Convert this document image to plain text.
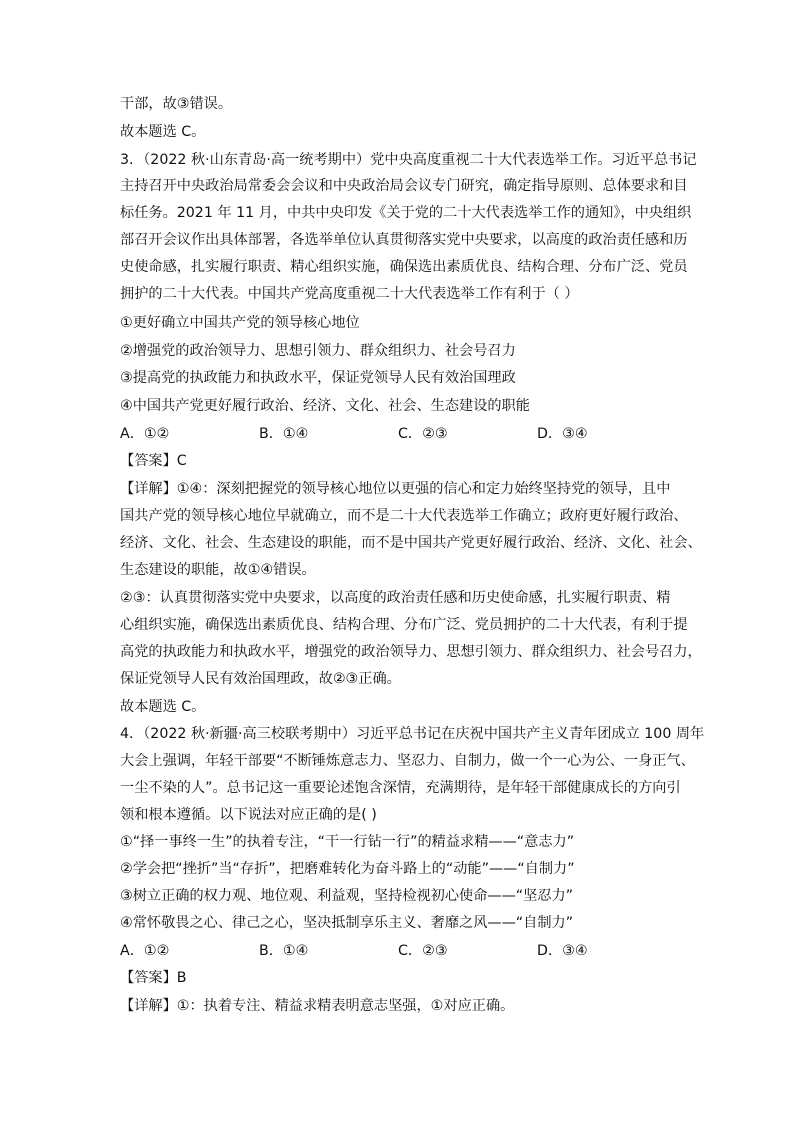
干部，故③错误。
故本题选 C。
3．（2022 秋·山东青岛·高一统考期中）党中央高度重视二十大代表选举工作。习近平总书记
主持召开中央政治局常委会会议和中央政治局会议专门研究，确定指导原则、总体要求和目
标任务。2021 年 11 月，中共中央印发《关于党的二十大代表选举工作的通知》，中央组织
部召开会议作出具体部署，各选举单位认真贯彻落实党中央要求，以高度的政治责任感和历
史使命感，扎实履行职责、精心组织实施，确保选出素质优良、结构合理、分布广泛、党员
拥护的二十大代表。中国共产党高度重视二十大代表选举工作有利于（ ）
①更好确立中国共产党的领导核心地位
②增强党的政治领导力、思想引领力、群众组织力、社会号召力
③提高党的执政能力和执政水平，保证党领导人民有效治国理政
④中国共产党更好履行政治、经济、文化、社会、生态建设的职能
A．①②	B．①④	C．②③	D．③④
【答案】C
【详解】①④：深刻把握党的领导核心地位以更强的信心和定力始终坚持党的领导，且中
国共产党的领导核心地位早就确立，而不是二十大代表选举工作确立；政府更好履行政治、
经济、文化、社会、生态建设的职能，而不是中国共产党更好履行政治、经济、文化、社会、
生态建设的职能，故①④错误。
②③：认真贯彻落实党中央要求，以高度的政治责任感和历史使命感，扎实履行职责、精
心组织实施，确保选出素质优良、结构合理、分布广泛、党员拥护的二十大代表，有利于提
高党的执政能力和执政水平，增强党的政治领导力、思想引领力、群众组织力、社会号召力，
保证党领导人民有效治国理政，故②③正确。
故本题选 C。
4．（2022 秋·新疆·高三校联考期中）习近平总书记在庆祝中国共产主义青年团成立 100 周年
大会上强调，年轻干部要“不断锤炼意志力、坚忍力、自制力，做一个一心为公、一身正气、
一尘不染的人”。总书记这一重要论述饱含深情，充满期待，是年轻干部健康成长的方向引
领和根本遵循。以下说法对应正确的是( )
①“择一事终一生”的执着专注，“干一行钻一行”的精益求精——“意志力”
②学会把“挫折”当“存折”，把磨难转化为奋斗路上的“动能”——“自制力”
③树立正确的权力观、地位观、利益观，坚持检视初心使命——“坚忍力”
④常怀敬畏之心、律己之心，坚决抵制享乐主义、奢靡之风——“自制力”
A．①②	B．①④	C．②③	D．③④
【答案】B
【详解】①：执着专注、精益求精表明意志坚强，①对应正确。
